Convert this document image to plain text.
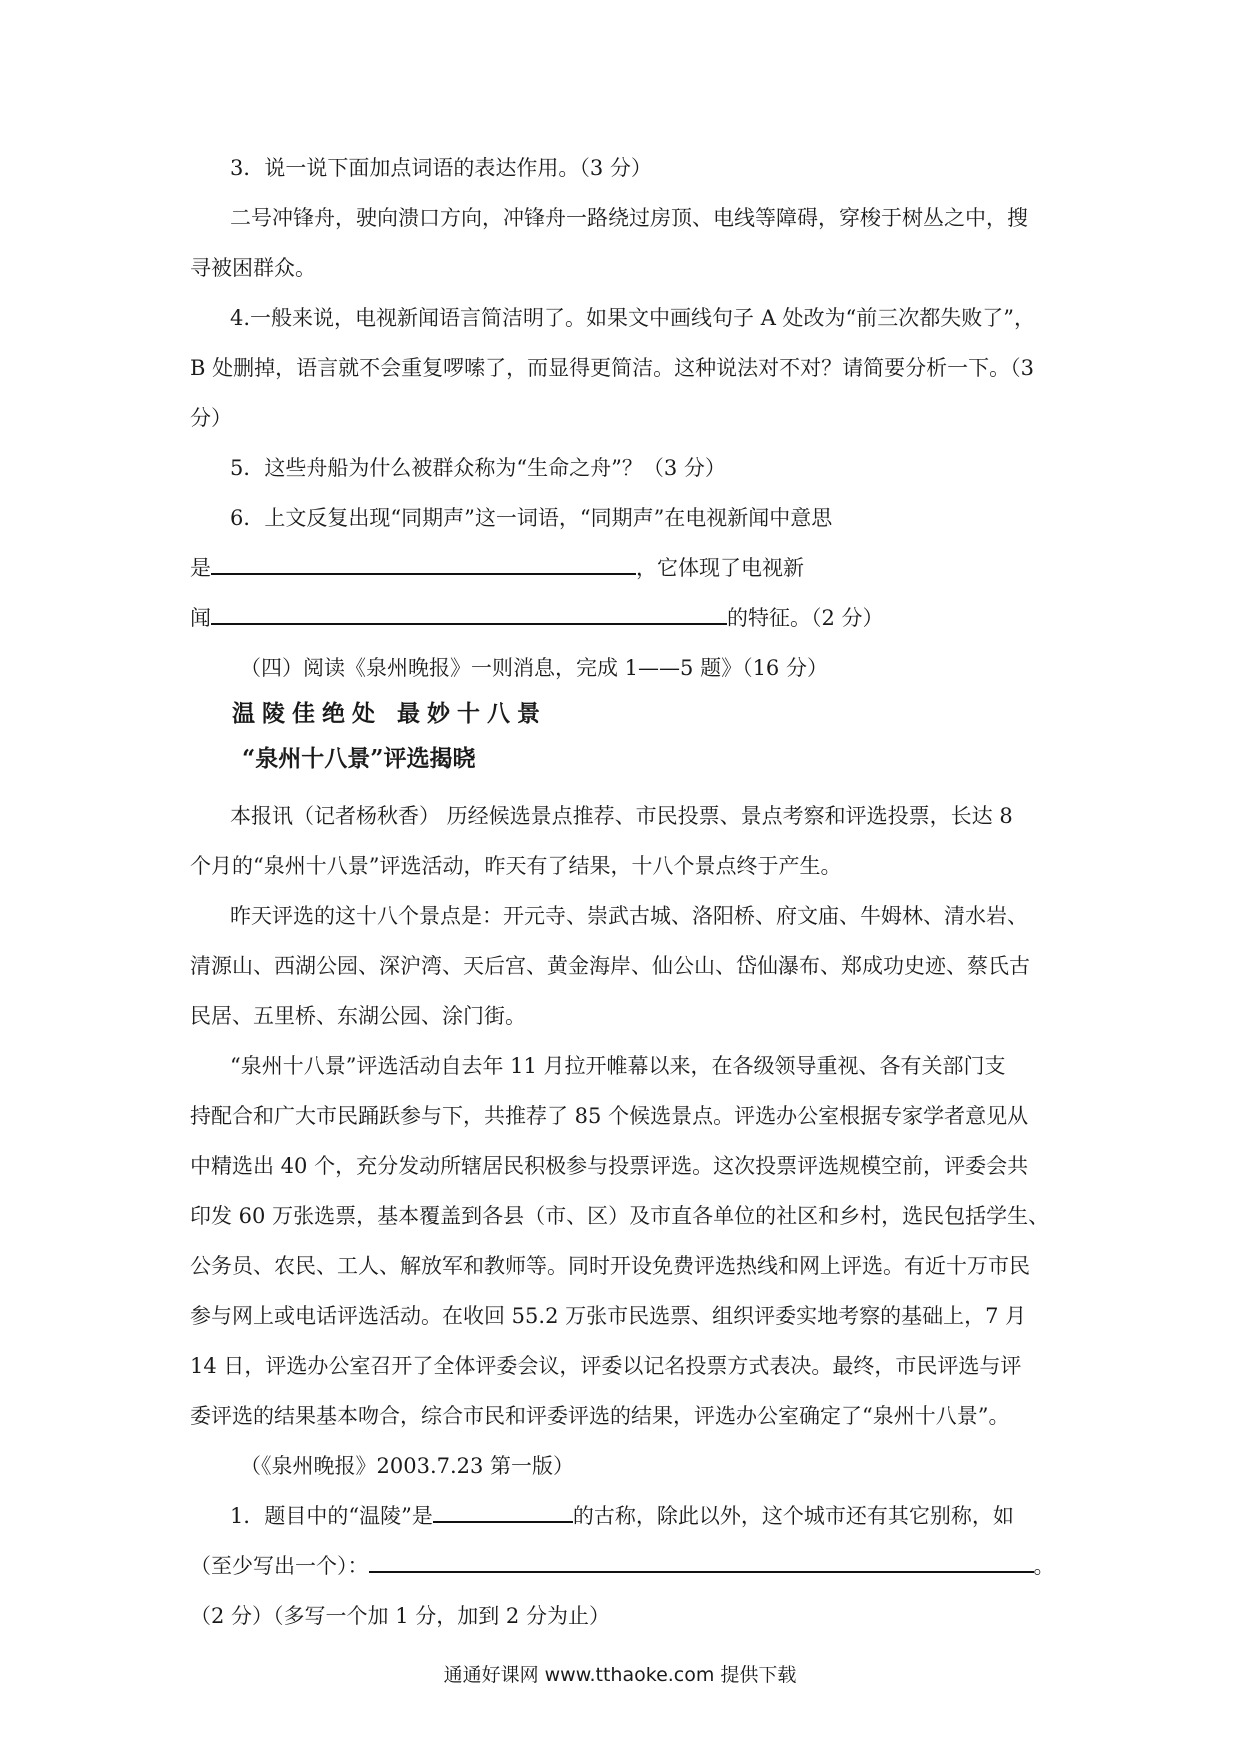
3．说一说下面加点词语的表达作用。（3 分）

二号冲锋舟，驶向溃口方向，冲锋舟一路绕过房顶、电线等障碍，穿梭于树丛之中，搜

寻被困群众。

4.一般来说，电视新闻语言简洁明了。如果文中画线句子 A 处改为“前三次都失败了”，

B 处删掉，语言就不会重复啰嗦了，而显得更简洁。这种说法对不对？请简要分析一下。（3

分）

5．这些舟船为什么被群众称为“生命之舟”？（3 分）

6．上文反复出现“同期声”这一词语，“同期声”在电视新闻中意思

是	，它体现了电视新

闻	的特征。（2 分）

（四）阅读《泉州晚报》一则消息，完成 1——5 题》（16 分）

温陵佳绝处 最妙十八景
“泉州十八景”评选揭晓

本报讯（记者杨秋香） 历经候选景点推荐、市民投票、景点考察和评选投票，长达 8

个月的“泉州十八景”评选活动，昨天有了结果，十八个景点终于产生。

昨天评选的这十八个景点是：开元寺、崇武古城、洛阳桥、府文庙、牛姆林、清水岩、

清源山、西湖公园、深沪湾、天后宫、黄金海岸、仙公山、岱仙瀑布、郑成功史迹、蔡氏古

民居、五里桥、东湖公园、涂门街。

“泉州十八景”评选活动自去年 11 月拉开帷幕以来，在各级领导重视、各有关部门支

持配合和广大市民踊跃参与下，共推荐了 85 个候选景点。评选办公室根据专家学者意见从

中精选出 40 个，充分发动所辖居民积极参与投票评选。这次投票评选规模空前，评委会共

印发 60 万张选票，基本覆盖到各县（市、区）及市直各单位的社区和乡村，选民包括学生、

公务员、农民、工人、解放军和教师等。同时开设免费评选热线和网上评选。有近十万市民

参与网上或电话评选活动。在收回 55.2 万张市民选票、组织评委实地考察的基础上，7 月

14 日，评选办公室召开了全体评委会议，评委以记名投票方式表决。最终，市民评选与评

委评选的结果基本吻合，综合市民和评委评选的结果，评选办公室确定了“泉州十八景”。

（《泉州晚报》2003.7.23 第一版）

1．题目中的“温陵”是	的古称，除此以外，这个城市还有其它别称，如

（至少写出一个）：	。

（2 分）（多写一个加 1 分，加到 2 分为止）

通通好课网 www.tthaoke.com 提供下载
